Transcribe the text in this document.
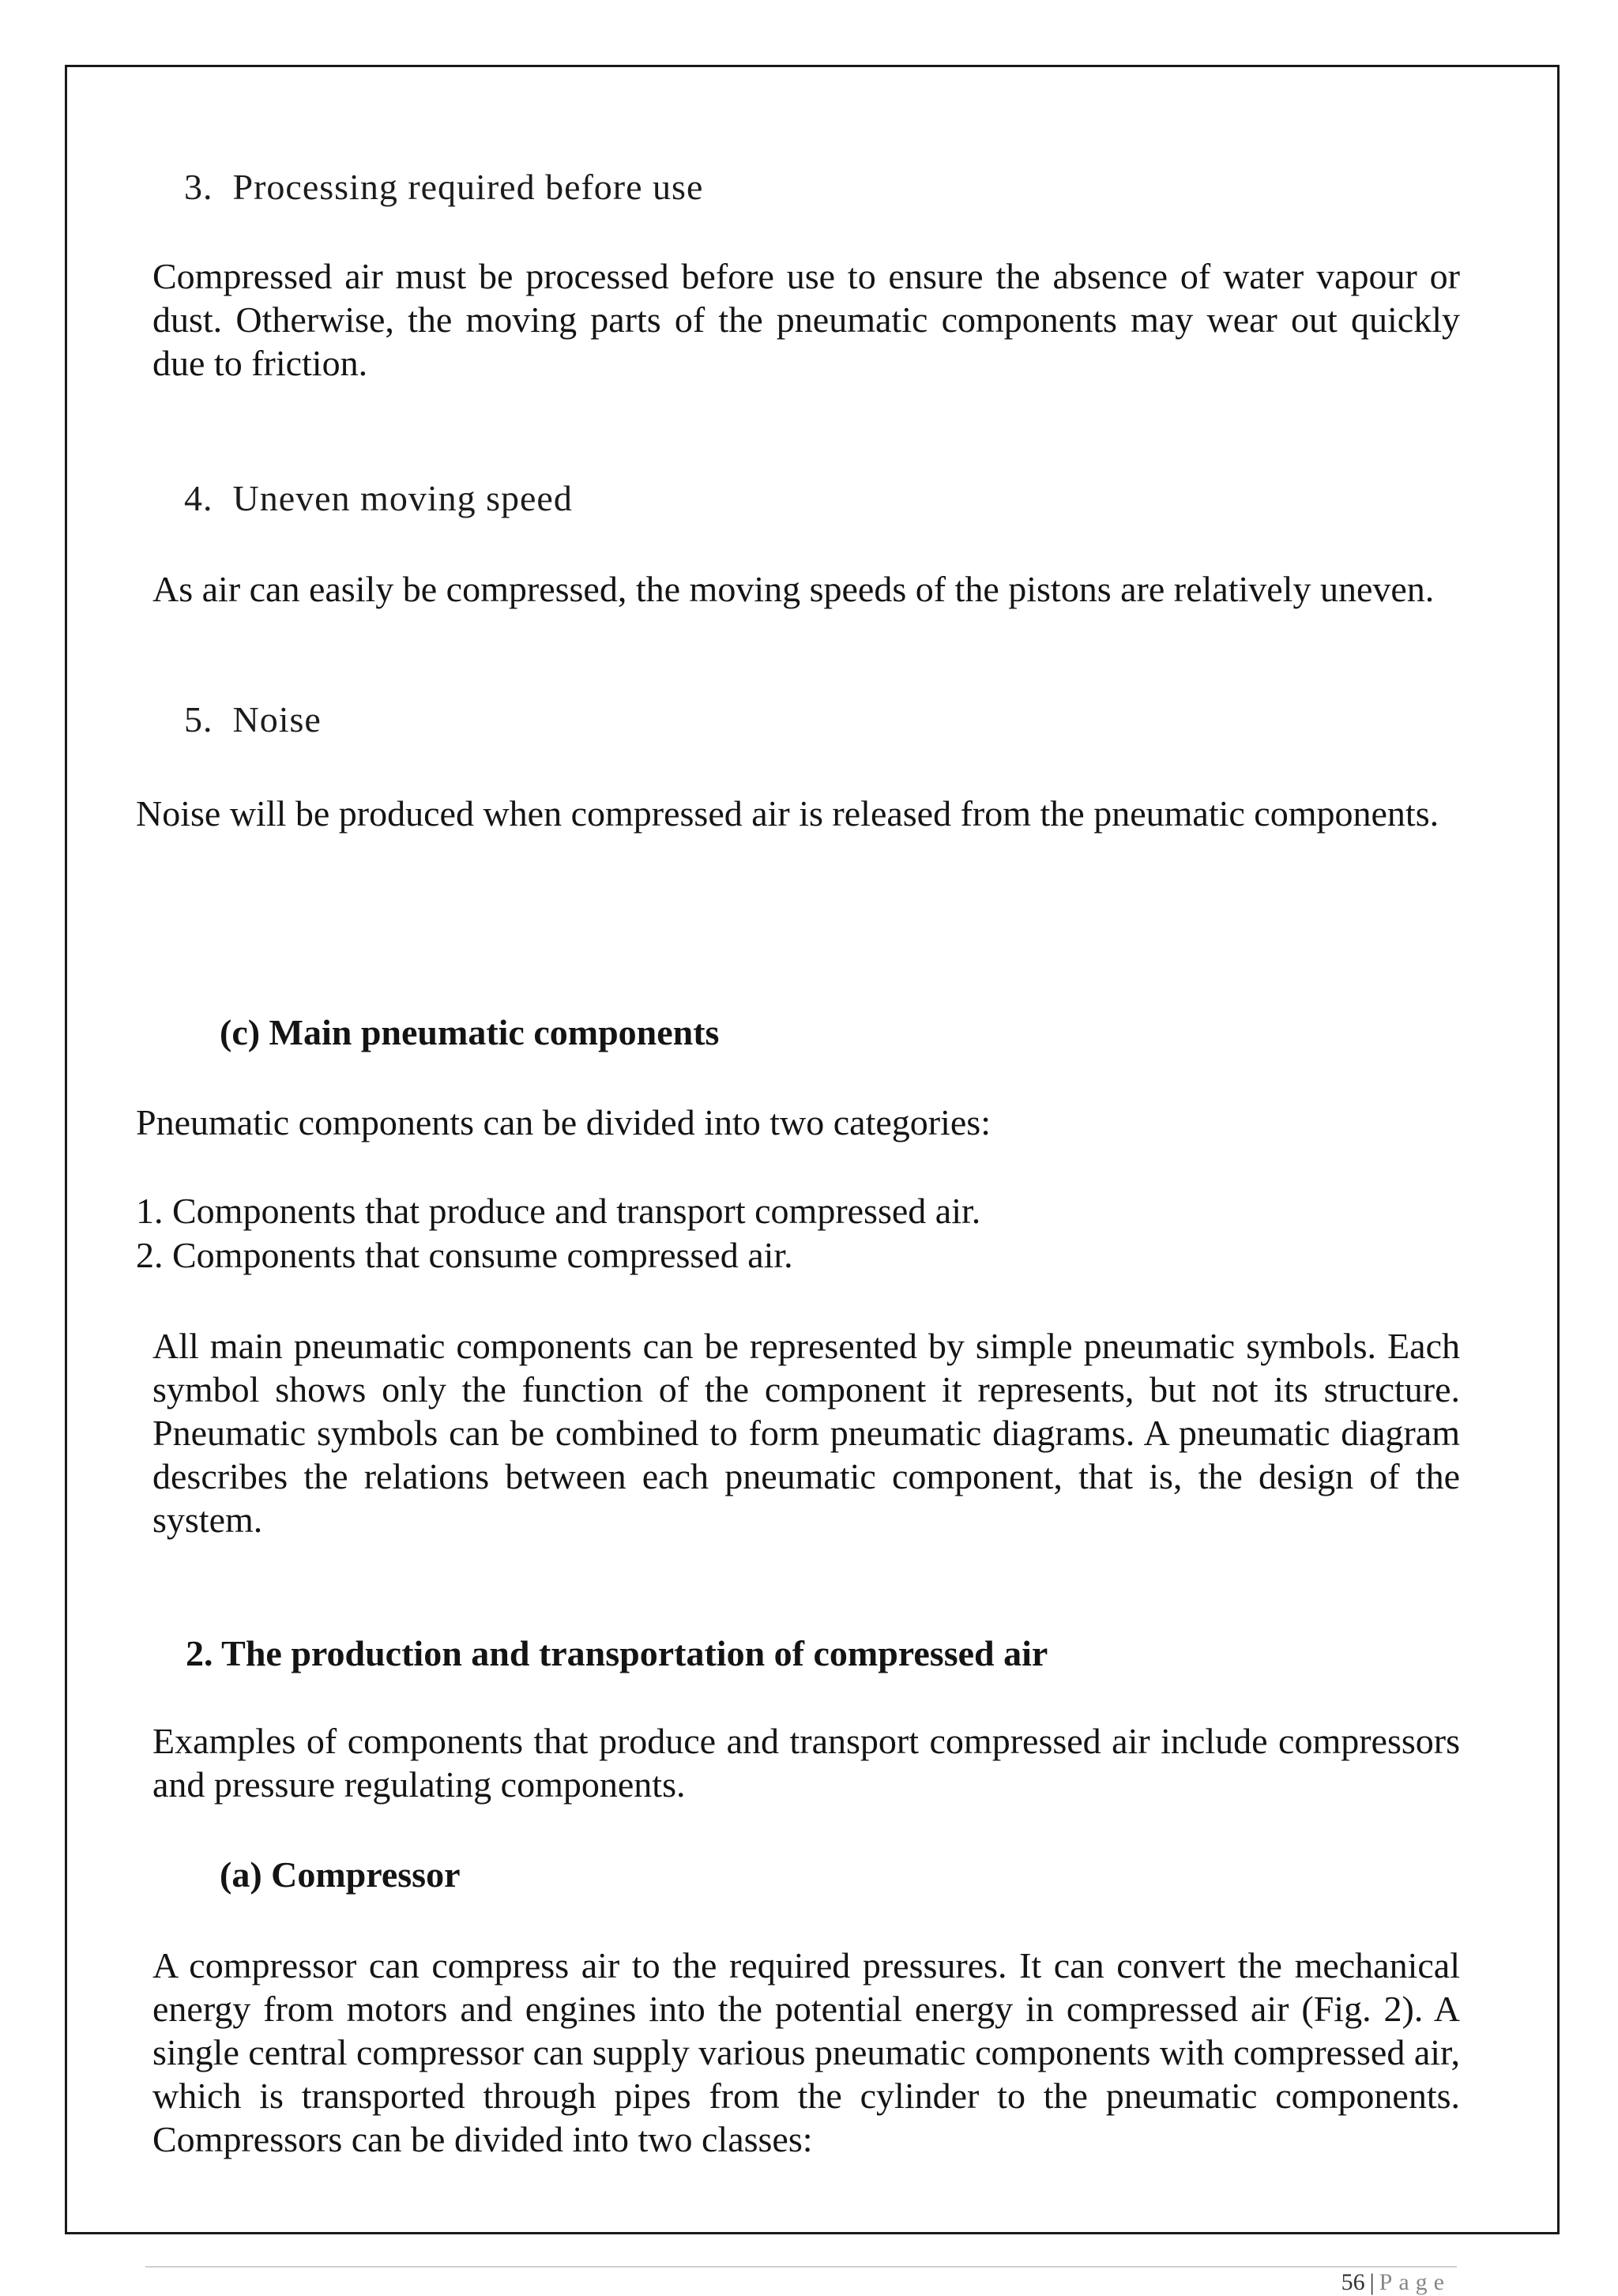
3. Processing required before use

Compressed air must be processed before use to ensure the absence of water vapour or dust. Otherwise, the moving parts of the pneumatic components may wear out quickly due to friction.

4. Uneven moving speed

As air can easily be compressed, the moving speeds of the pistons are relatively uneven.

5. Noise

Noise will be produced when compressed air is released from the pneumatic components.

(c) Main pneumatic components
Pneumatic components can be divided into two categories:
1. Components that produce and transport compressed air.
2. Components that consume compressed air.

All main pneumatic components can be represented by simple pneumatic symbols. Each symbol shows only the function of the component it represents, but not its structure. Pneumatic symbols can be combined to form pneumatic diagrams. A pneumatic diagram describes the relations between each pneumatic component, that is, the design of the system.

2. The production and transportation of compressed air

Examples of components that produce and transport compressed air include compressors and pressure regulating components.

(a) Compressor

A compressor can compress air to the required pressures. It can convert the mechanical energy from motors and engines into the potential energy in compressed air (Fig. 2). A single central compressor can supply various pneumatic components with compressed air, which is transported through pipes from the cylinder to the pneumatic components. Compressors can be divided into two classes:

56 | Page
